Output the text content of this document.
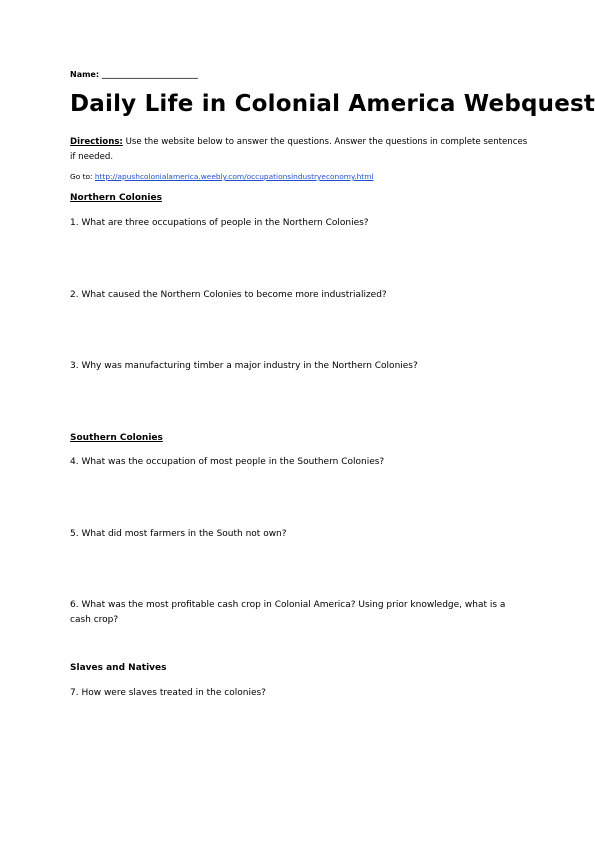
Name: ________________________
Daily Life in Colonial America Webquest
Directions: Use the website below to answer the questions. Answer the questions in complete sentences if needed.
Go to: http://apushcolonialamerica.weebly.com/occupationsindustryeconomy.html
Northern Colonies
1. What are three occupations of people in the Northern Colonies?
2. What caused the Northern Colonies to become more industrialized?
3. Why was manufacturing timber a major industry in the Northern Colonies?
Southern Colonies
4. What was the occupation of most people in the Southern Colonies?
5. What did most farmers in the South not own?
6. What was the most profitable cash crop in Colonial America? Using prior knowledge, what is a cash crop?
Slaves and Natives
7. How were slaves treated in the colonies?
